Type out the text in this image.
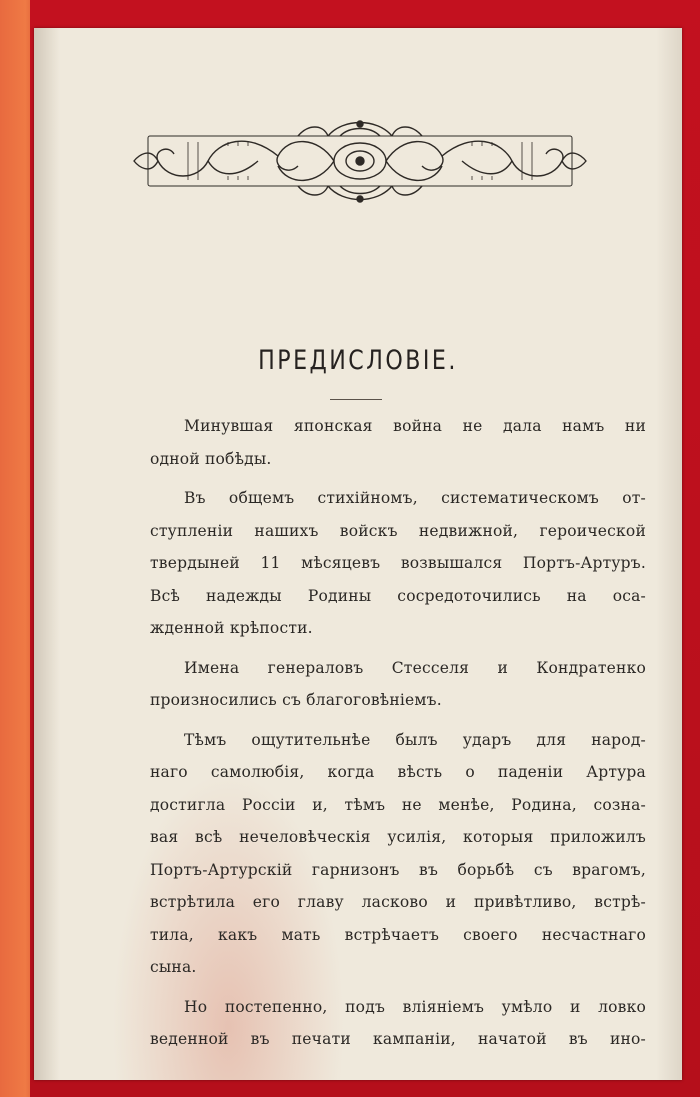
ПРЕДИСЛОВІЕ.
Минувшая японская война не дала намъ ни
одной побѣды.
Въ общемъ стихійномъ, систематическомъ от-
ступленіи нашихъ войскъ недвижной, героической
твердыней 11 мѣсяцевъ возвышался Портъ-Артуръ.
Всѣ надежды Родины сосредоточились на оса-
жденной крѣпости.
Имена генераловъ Стесселя и Кондратенко
произносились съ благоговѣніемъ.
Тѣмъ ощутительнѣе былъ ударъ для народ-
наго самолюбія, когда вѣсть о паденіи Артура
достигла Россіи и, тѣмъ не менѣе, Родина, созна-
вая всѣ нечеловѣческія усилія, которыя приложилъ
Портъ-Артурскій гарнизонъ въ борьбѣ съ врагомъ,
встрѣтила его главу ласково и привѣтливо, встрѣ-
тила, какъ мать встрѣчаетъ своего несчастнаго
сына.
Но постепенно, подъ вліяніемъ умѣло и ловко
веденной въ печати кампаніи, начатой въ ино-
